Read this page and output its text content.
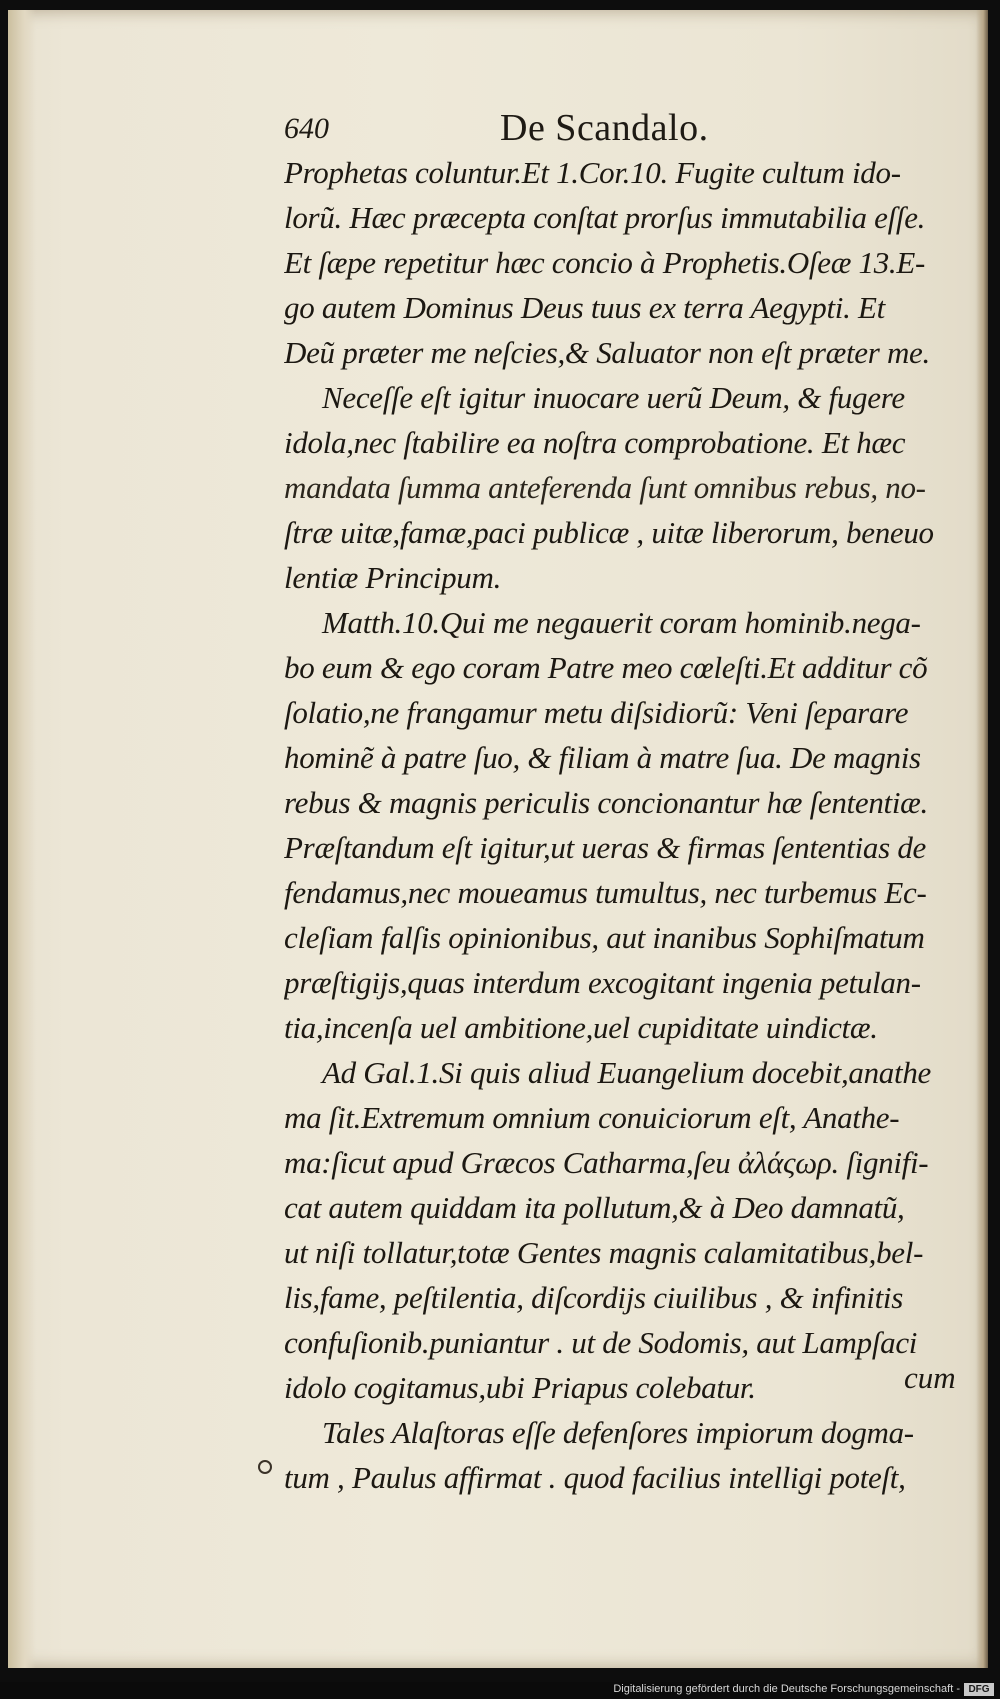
640	De Scandalo.
Prophetas coluntur.Et 1.Cor.10. Fugite cultum ido-
lorũ. Hæc præcepta conſtat prorſus immutabilia eſſe.
Et ſæpe repetitur hæc concio à Prophetis.Oſeæ 13.E-
go autem Dominus Deus tuus ex terra Aegypti. Et
Deũ præter me neſcies,& Saluator non eſt præter me.
Neceſſe eſt igitur inuocare uerũ Deum, & fugere
idola,nec ſtabilire ea noſtra comprobatione. Et hæc
mandata ſumma anteferenda ſunt omnibus rebus, no-
ſtræ uitæ,famæ,paci publicæ , uitæ liberorum, beneuo
lentiæ Principum.
Matth.10.Qui me negauerit coram hominib.nega-
bo eum & ego coram Patre meo cœleſti.Et additur cõ
ſolatio,ne frangamur metu diſsidiorũ: Veni ſeparare
hominẽ à patre ſuo, & filiam à matre ſua. De magnis
rebus & magnis periculis concionantur hæ ſententiæ.
Præſtandum eſt igitur,ut ueras & firmas ſententias de
fendamus,nec moueamus tumultus, nec turbemus Ec-
cleſiam falſis opinionibus, aut inanibus Sophiſmatum
præſtigijs,quas interdum excogitant ingenia petulan-
tia,incenſa uel ambitione,uel cupiditate uindictæ.
Ad Gal.1.Si quis aliud Euangelium docebit,anathe
ma ſit.Extremum omnium conuiciorum eſt, Anathe-
ma:ſicut apud Græcos Catharma,ſeu ἀλάςωρ. ſignifi-
cat autem quiddam ita pollutum,& à Deo damnatũ,
ut niſi tollatur,totæ Gentes magnis calamitatibus,bel-
lis,fame, peſtilentia, diſcordijs ciuilibus , & infinitis
confuſionib.puniantur . ut de Sodomis, aut Lampſaci
idolo cogitamus,ubi Priapus colebatur.
Tales Alaſtoras eſſe defenſores impiorum dogma-
tum , Paulus affirmat . quod facilius intelligi poteſt,
cum
Digitalisierung gefördert durch die Deutsche Forschungsgemeinschaft - DFG
